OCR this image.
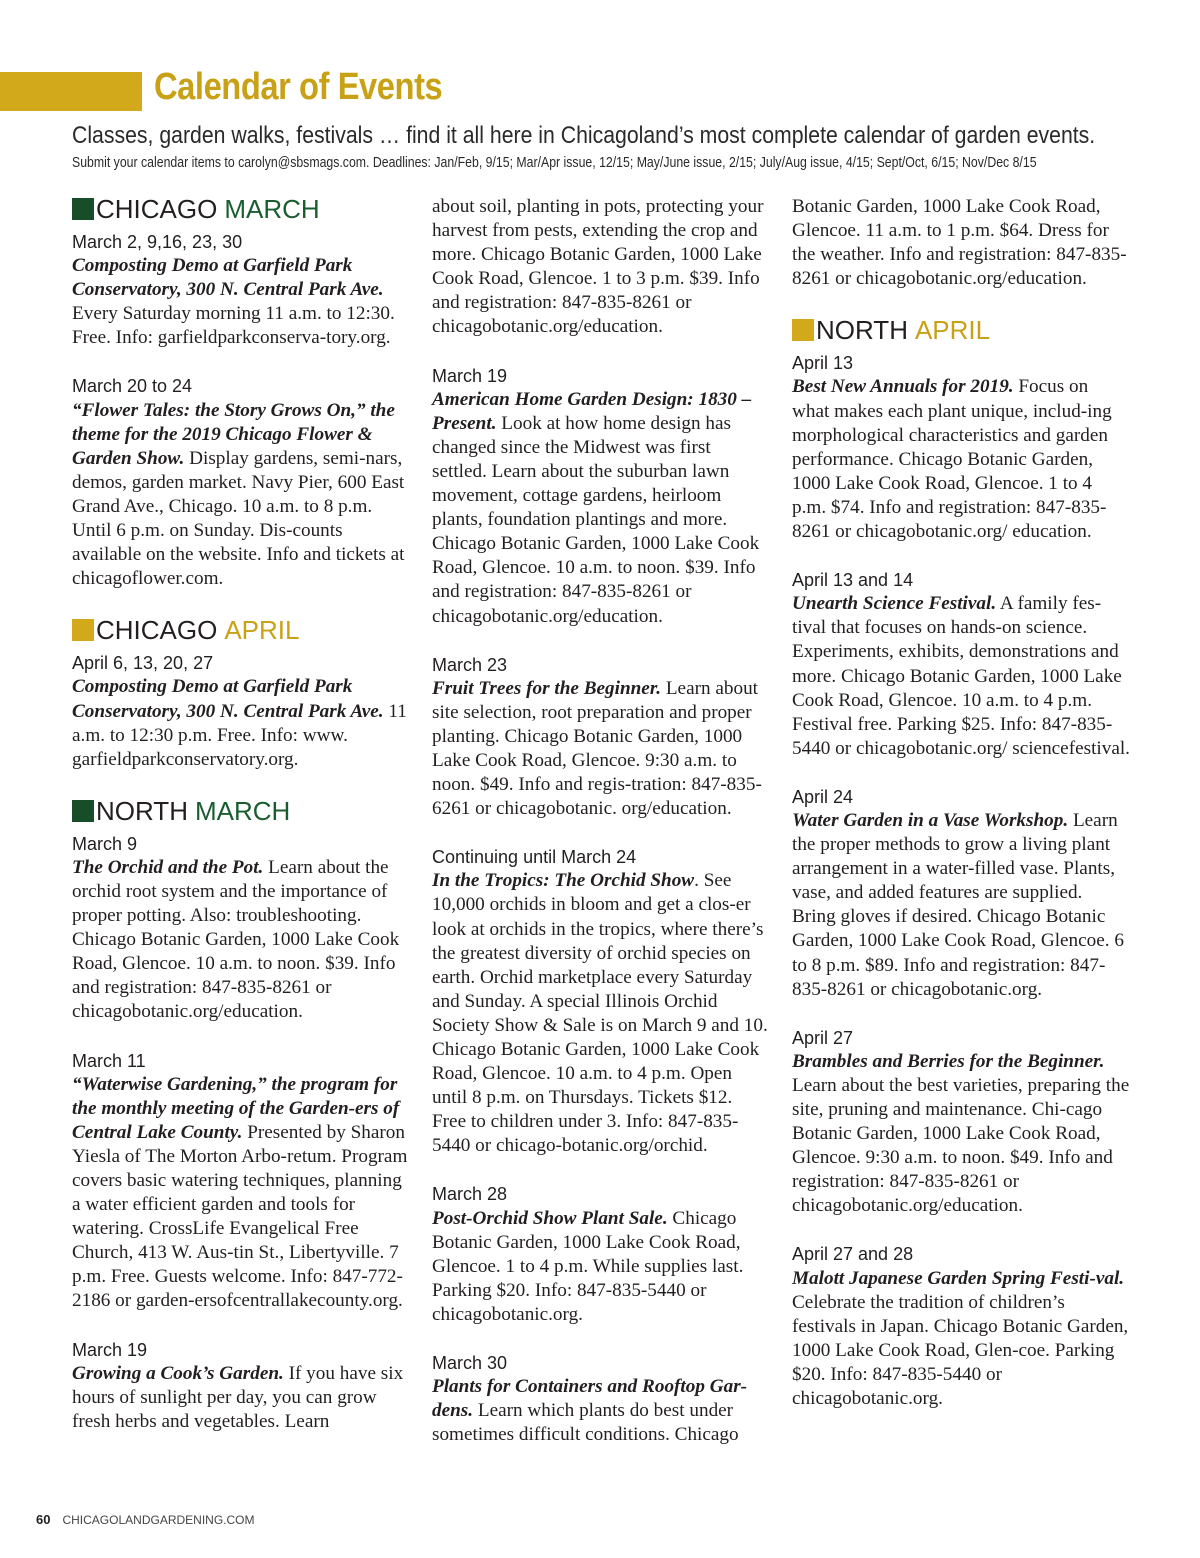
Calendar of Events

Classes, garden walks, festivals … find it all here in Chicagoland’s most complete calendar of garden events.

Submit your calendar items to carolyn@sbsmags.com. Deadlines: Jan/Feb, 9/15; Mar/Apr issue, 12/15; May/June issue, 2/15; July/Aug issue, 4/15; Sept/Oct, 6/15; Nov/Dec 8/15

CHICAGO MARCH

March 2, 9,16, 23, 30

Composting Demo at Garfield Park Conservatory, 300 N. Central Park Ave. Every Saturday morning 11 a.m. to 12:30. Free. Info: garfieldparkconserva-tory.org.

March 20 to 24

“Flower Tales: the Story Grows On,” the theme for the 2019 Chicago Flower & Garden Show. Display gardens, semi-nars, demos, garden market. Navy Pier, 600 East Grand Ave., Chicago. 10 a.m. to 8 p.m. Until 6 p.m. on Sunday. Dis-counts available on the website. Info and tickets at chicagoflower.com.

CHICAGO APRIL

April 6, 13, 20, 27

Composting Demo at Garfield Park Conservatory, 300 N. Central Park Ave. 11 a.m. to 12:30 p.m. Free. Info: www. garfieldparkconservatory.org.

NORTH MARCH

March 9

The Orchid and the Pot. Learn about the orchid root system and the importance of proper potting. Also: troubleshooting. Chicago Botanic Garden, 1000 Lake Cook Road, Glencoe. 10 a.m. to noon. $39. Info and registration: 847-835-8261 or chicagobotanic.org/education.

March 11

“Waterwise Gardening,” the program for the monthly meeting of the Garden-ers of Central Lake County. Presented by Sharon Yiesla of The Morton Arbo-retum. Program covers basic watering techniques, planning a water efficient garden and tools for watering. CrossLife Evangelical Free Church, 413 W. Aus-tin St., Libertyville. 7 p.m. Free. Guests welcome. Info: 847-772-2186 or garden-ersofcentrallakecounty.org.

March 19

Growing a Cook’s Garden. If you have six hours of sunlight per day, you can grow fresh herbs and vegetables. Learn

about soil, planting in pots, protecting your harvest from pests, extending the crop and more. Chicago Botanic Garden, 1000 Lake Cook Road, Glencoe. 1 to 3 p.m. $39. Info and registration: 847-835-8261 or chicagobotanic.org/education.

March 19

American Home Garden Design: 1830 – Present. Look at how home design has changed since the Midwest was first settled. Learn about the suburban lawn movement, cottage gardens, heirloom plants, foundation plantings and more. Chicago Botanic Garden, 1000 Lake Cook Road, Glencoe. 10 a.m. to noon. $39. Info and registration: 847-835-8261 or chicagobotanic.org/education.

March 23

Fruit Trees for the Beginner. Learn about site selection, root preparation and proper planting. Chicago Botanic Garden, 1000 Lake Cook Road, Glencoe. 9:30 a.m. to noon. $49. Info and regis-tration: 847-835-6261 or chicagobotanic. org/education.

Continuing until March 24

In the Tropics: The Orchid Show. See 10,000 orchids in bloom and get a clos-er look at orchids in the tropics, where there’s the greatest diversity of orchid species on earth. Orchid marketplace every Saturday and Sunday. A special Illinois Orchid Society Show & Sale is on March 9 and 10. Chicago Botanic Garden, 1000 Lake Cook Road, Glencoe. 10 a.m. to 4 p.m. Open until 8 p.m. on Thursdays. Tickets $12. Free to children under 3. Info: 847-835-5440 or chicago-botanic.org/orchid.

March 28

Post-Orchid Show Plant Sale. Chicago Botanic Garden, 1000 Lake Cook Road, Glencoe. 1 to 4 p.m. While supplies last. Parking $20. Info: 847-835-5440 or chicagobotanic.org.

March 30

Plants for Containers and Rooftop Gar-dens. Learn which plants do best under sometimes difficult conditions. Chicago

Botanic Garden, 1000 Lake Cook Road, Glencoe. 11 a.m. to 1 p.m. $64. Dress for the weather. Info and registration: 847-835-8261 or chicagobotanic.org/education.

NORTH APRIL

April 13

Best New Annuals for 2019. Focus on what makes each plant unique, includ-ing morphological characteristics and garden performance. Chicago Botanic Garden, 1000 Lake Cook Road, Glencoe. 1 to 4 p.m. $74. Info and registration: 847-835-8261 or chicagobotanic.org/ education.

April 13 and 14

Unearth Science Festival. A family fes-tival that focuses on hands-on science. Experiments, exhibits, demonstrations and more. Chicago Botanic Garden, 1000 Lake Cook Road, Glencoe. 10 a.m. to 4 p.m. Festival free. Parking $25. Info: 847-835-5440 or chicagobotanic.org/ sciencefestival.

April 24

Water Garden in a Vase Workshop. Learn the proper methods to grow a living plant arrangement in a water-filled vase. Plants, vase, and added features are supplied. Bring gloves if desired. Chicago Botanic Garden, 1000 Lake Cook Road, Glencoe. 6 to 8 p.m. $89. Info and registration: 847-835-8261 or chicagobotanic.org.

April 27

Brambles and Berries for the Beginner. Learn about the best varieties, preparing the site, pruning and maintenance. Chi-cago Botanic Garden, 1000 Lake Cook Road, Glencoe. 9:30 a.m. to noon. $49. Info and registration: 847-835-8261 or chicagobotanic.org/education.

April 27 and 28

Malott Japanese Garden Spring Festi-val. Celebrate the tradition of children’s festivals in Japan. Chicago Botanic Garden, 1000 Lake Cook Road, Glen-coe. Parking $20. Info: 847-835-5440 or chicagobotanic.org.

60 CHICAGOLANDGARDENING.COM
